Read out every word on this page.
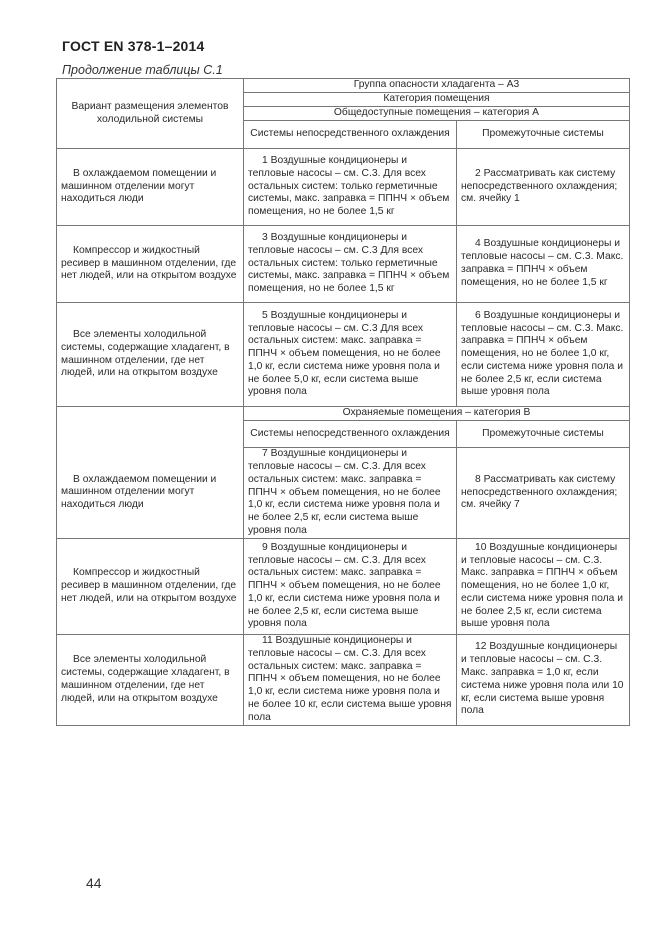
ГОСТ EN 378-1–2014
Продолжение таблицы С.1
Вариант размещения элементов холодильной системы	Группа опасности хладагента – А3	
	Категория помещения	
	Общедоступные помещения – категория А	
	Системы непосредственного охлаждения	Промежуточные системы

В охлаждаемом помещении и машинном отделении могут находиться люди	1 Воздушные кондиционеры и тепловые насосы – см. С.3. Для всех остальных систем: только герметичные системы, макс. заправка = ППНЧ × объем помещения, но не более 1,5 кг	2 Рассматривать как систему непосредственного охлаждения; см. ячейку 1

Компрессор и жидкостный ресивер в машинном отделении, где нет людей, или на открытом воздухе	3 Воздушные кондиционеры и тепловые насосы – см. С.3 Для всех остальных систем: только герметичные системы, макс. заправка = ППНЧ × объем помещения, но не более 1,5 кг	4 Воздушные кондиционеры и тепловые насосы – см. С.3. Макс. заправка = ППНЧ × объем помещения, но не более 1,5 кг

Все элементы холодильной системы, содержащие хладагент, в машинном отделении, где нет людей, или на открытом воздухе	5 Воздушные кондиционеры и тепловые насосы – см. С.3 Для всех остальных систем: макс. заправка = ППНЧ × объем помещения, но не более 1,0 кг, если система ниже уровня пола и не более 5,0 кг, если система выше уровня пола	6 Воздушные кондиционеры и тепловые насосы – см. С.3. Макс. заправка = ППНЧ × объем помещения, но не более 1,0 кг, если система ниже уровня пола и не более 2,5 кг, если система выше уровня пола

	Охраняемые помещения – категория В	
	Системы непосредственного охлаждения	Промежуточные системы

В охлаждаемом помещении и машинном отделении могут находиться люди	7 Воздушные кондиционеры и тепловые насосы – см. С.3. Для всех остальных систем: макс. заправка = ППНЧ × объем помещения, но не более 1,0 кг, если система ниже уровня пола и не более 2,5 кг, если система выше уровня пола	8 Рассматривать как систему непосредственного охлаждения; см. ячейку 7

Компрессор и жидкостный ресивер в машинном отделении, где нет людей, или на открытом воздухе	9 Воздушные кондиционеры и тепловые насосы – см. С.3. Для всех остальных систем: макс. заправка = ППНЧ × объем помещения, но не более 1,0 кг, если система ниже уровня пола и не более 2,5 кг, если система выше уровня пола	10 Воздушные кондиционеры и тепловые насосы – см. С.3. Макс. заправка = ППНЧ × объем помещения, но не более 1,0 кг, если система ниже уровня пола и не более 2,5 кг, если система выше уровня пола

Все элементы холодильной системы, содержащие хладагент, в машинном отделении, где нет людей, или на открытом воздухе	11 Воздушные кондиционеры и тепловые насосы – см. С.3. Для всех остальных систем: макс. заправка = ППНЧ × объем помещения, но не более 1,0 кг, если система ниже уровня пола и не более 10 кг, если система выше уровня пола	12 Воздушные кондиционеры и тепловые насосы – см. С.3. Макс. заправка = 1,0 кг, если система ниже уровня пола или 10 кг, если система выше уровня пола
44
